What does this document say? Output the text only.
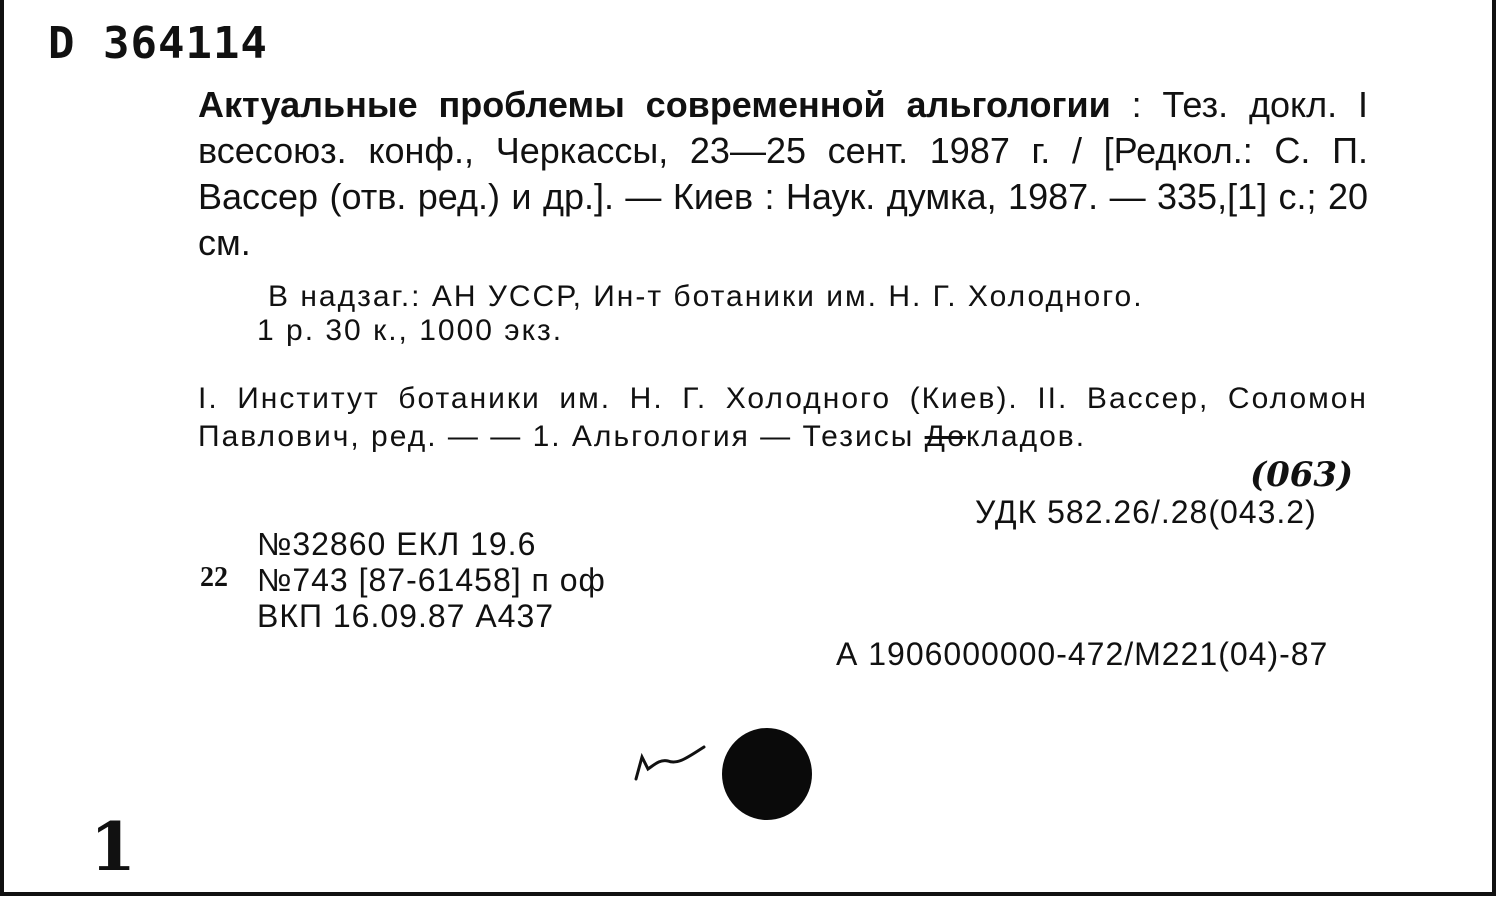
D 364114
Актуальные проблемы современной альгологии : Тез. докл. I всесоюз. конф., Черкассы, 23—25 сент. 1987 г. / [Редкол.: С. П. Вассер (отв. ред.) и др.]. — Киев : Наук. думка, 1987. — 335,[1] с.; 20 см.
В надзаг.: АН УССР, Ин-т ботаники им. Н. Г. Холодного.
1 р. 30 к., 1000 экз.
I. Институт ботаники им. Н. Г. Холодного (Киев). II. Вассер, Соломон Павлович, ред. — — 1. Альгология — Тезисы Докладов.
(063)
УДК 582.26/.28(043.2)
22
№32860 ЕКЛ 19.6
№743 [87-61458] п оф
ВКП 16.09.87 А437
А 1906000000-472/М221(04)-87
1
